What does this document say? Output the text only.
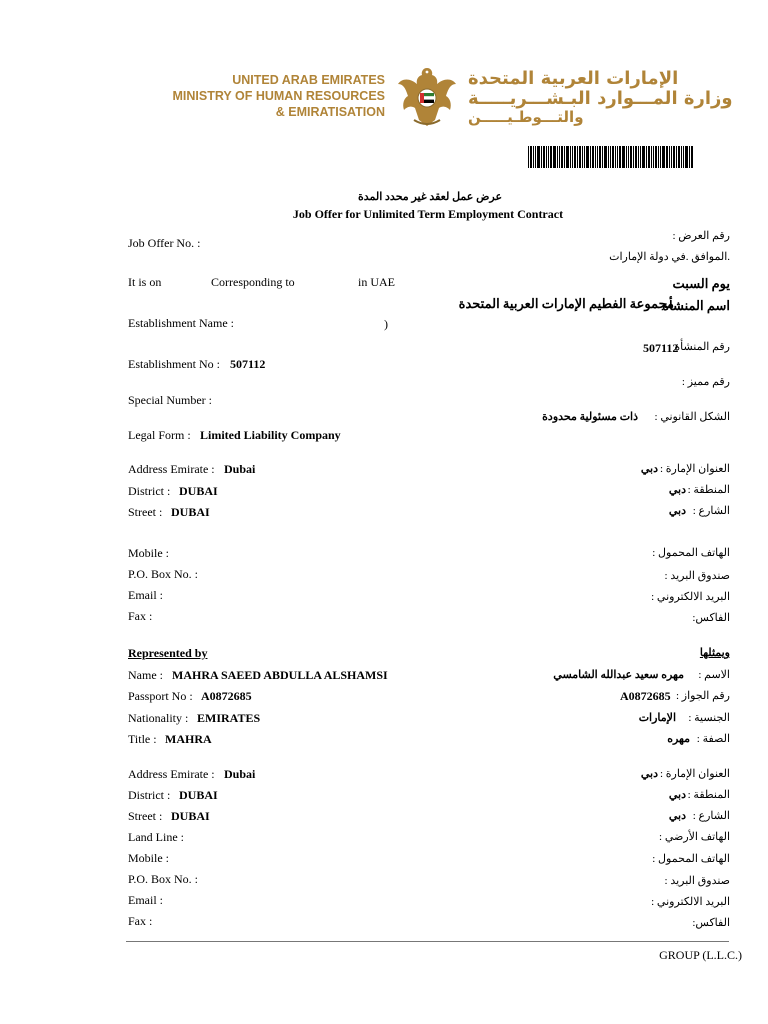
UNITED ARAB EMIRATES
MINISTRY OF HUMAN RESOURCES
& EMIRATISATION
الإمارات العربية المتحدة
وزارة المـــوارد البـشـــريـــــة
والتـــوطـيـــــن
عرض عمل لعقد غير محدد المدة
Job Offer for Unlimited Term Employment Contract
Job Offer No. :	رقم العرض :
.الموافق .في دولة الإمارات
It is on	Corresponding to	in UAE	يوم السبت
Establishment Name :	)
اسم المنشأة
مجموعة الفطيم الإمارات العربية المتحدة
Establishment No : 507112
رقم المنشأة
507112
Special Number :
رقم مميز :
Legal Form : Limited Liability Company
الشكل القانوني :
ذات مسئولية محدودة
Address Emirate : Dubai	العنوان الإمارة :
دبي
District : DUBAI	المنطقة :
دبي
Street : DUBAI	الشارع :
دبي
Mobile :	الهاتف المحمول :
P.O. Box No. :	صندوق البريد :
Email :	البريد الالكتروني :
Fax :	الفاكس:
Represented by	ويمثلها
Name : MAHRA SAEED ABDULLA ALSHAMSI	الاسم :
مهره سعيد عبدالله الشامسي
Passport No : A0872685	رقم الجواز :
A0872685
Nationality : EMIRATES	الجنسية :
الإمارات
Title : MAHRA	الصفة :
مهره
Address Emirate : Dubai	العنوان الإمارة :
دبي
District : DUBAI	المنطقة :
دبي
Street : DUBAI	الشارع :
دبي
Land Line :	الهاتف الأرضي :
Mobile :	الهاتف المحمول :
P.O. Box No. :	صندوق البريد :
Email :	البريد الالكتروني :
Fax :	الفاكس:
GROUP (L.L.C.)
